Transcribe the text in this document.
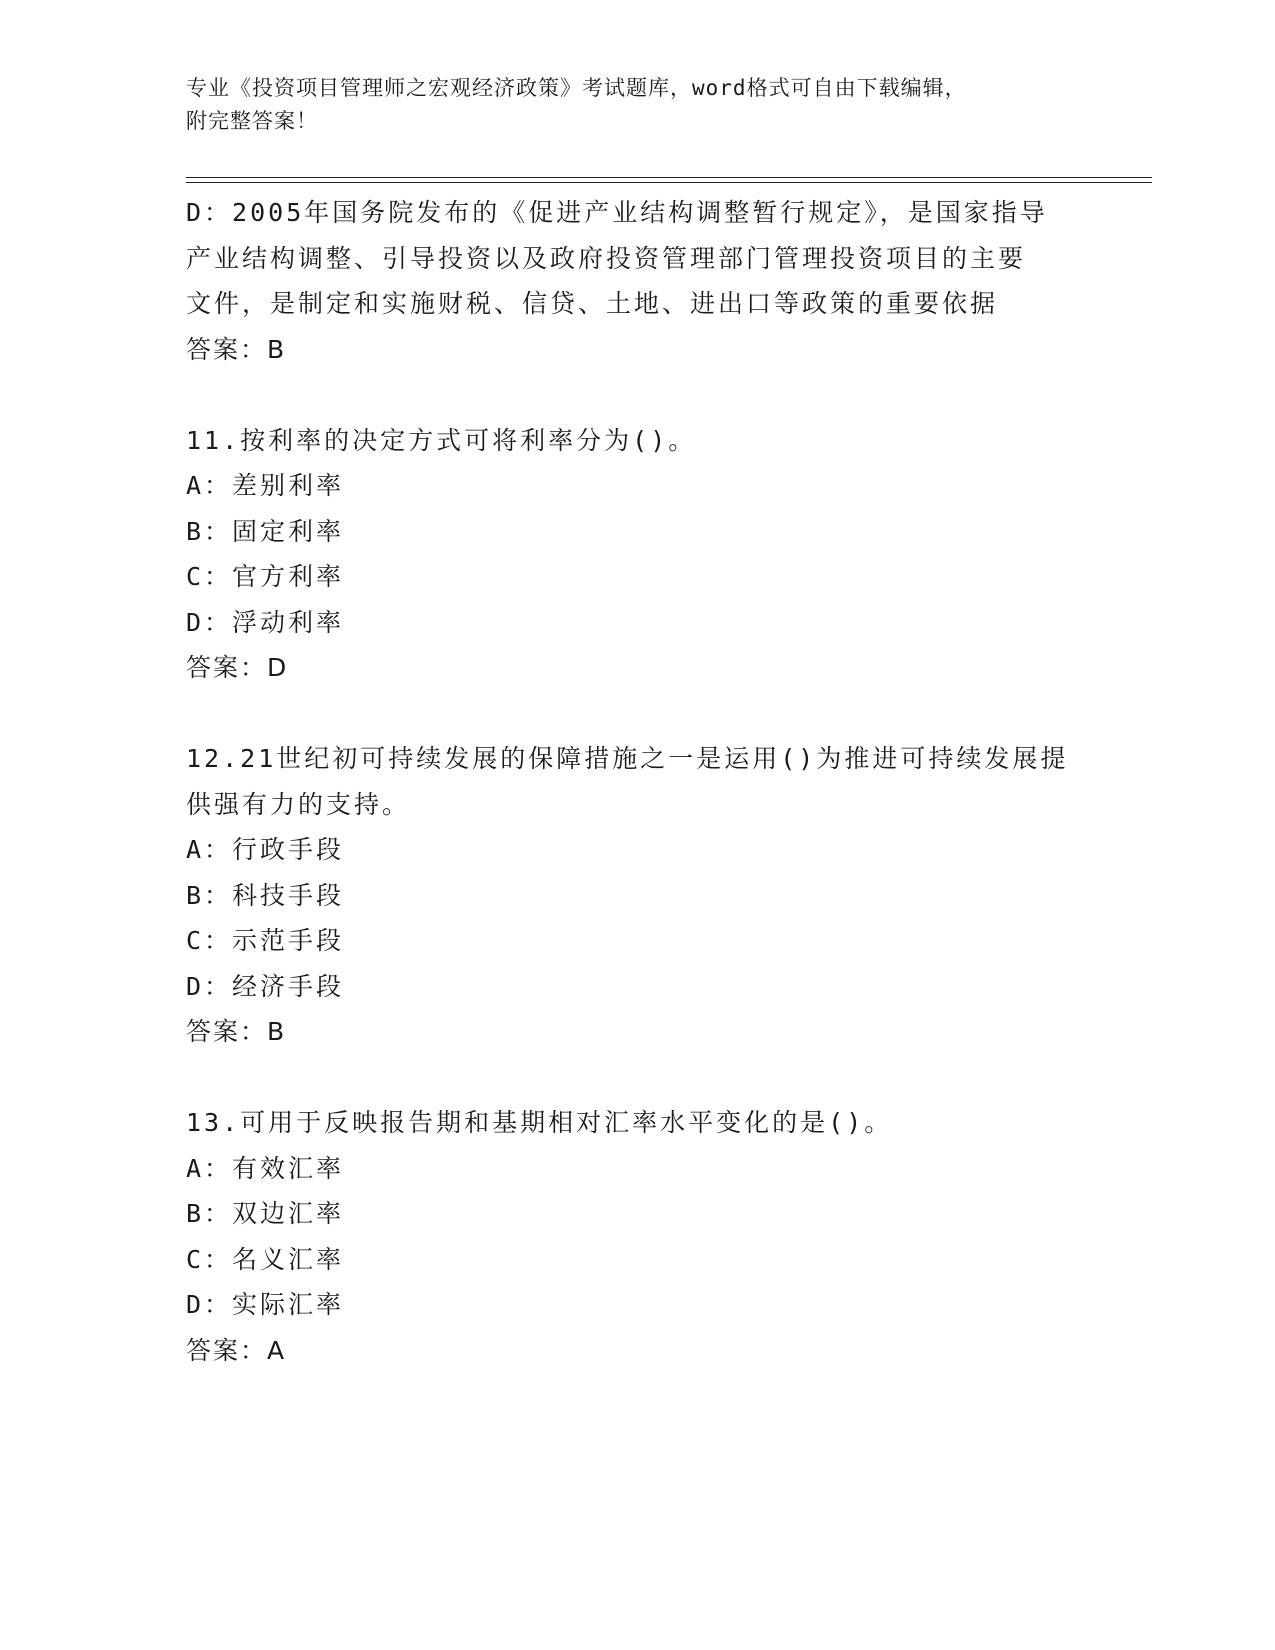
专业《投资项目管理师之宏观经济政策》考试题库，word格式可自由下载编辑，
附完整答案！
D：2005年国务院发布的《促进产业结构调整暂行规定》，是国家指导
产业结构调整、引导投资以及政府投资管理部门管理投资项目的主要
文件，是制定和实施财税、信贷、土地、进出口等政策的重要依据
答案：B
11.按利率的决定方式可将利率分为()。
A：差别利率
B：固定利率
C：官方利率
D：浮动利率
答案：D
12.21世纪初可持续发展的保障措施之一是运用()为推进可持续发展提
供强有力的支持。
A：行政手段
B：科技手段
C：示范手段
D：经济手段
答案：B
13.可用于反映报告期和基期相对汇率水平变化的是()。
A：有效汇率
B：双边汇率
C：名义汇率
D：实际汇率
答案：A
